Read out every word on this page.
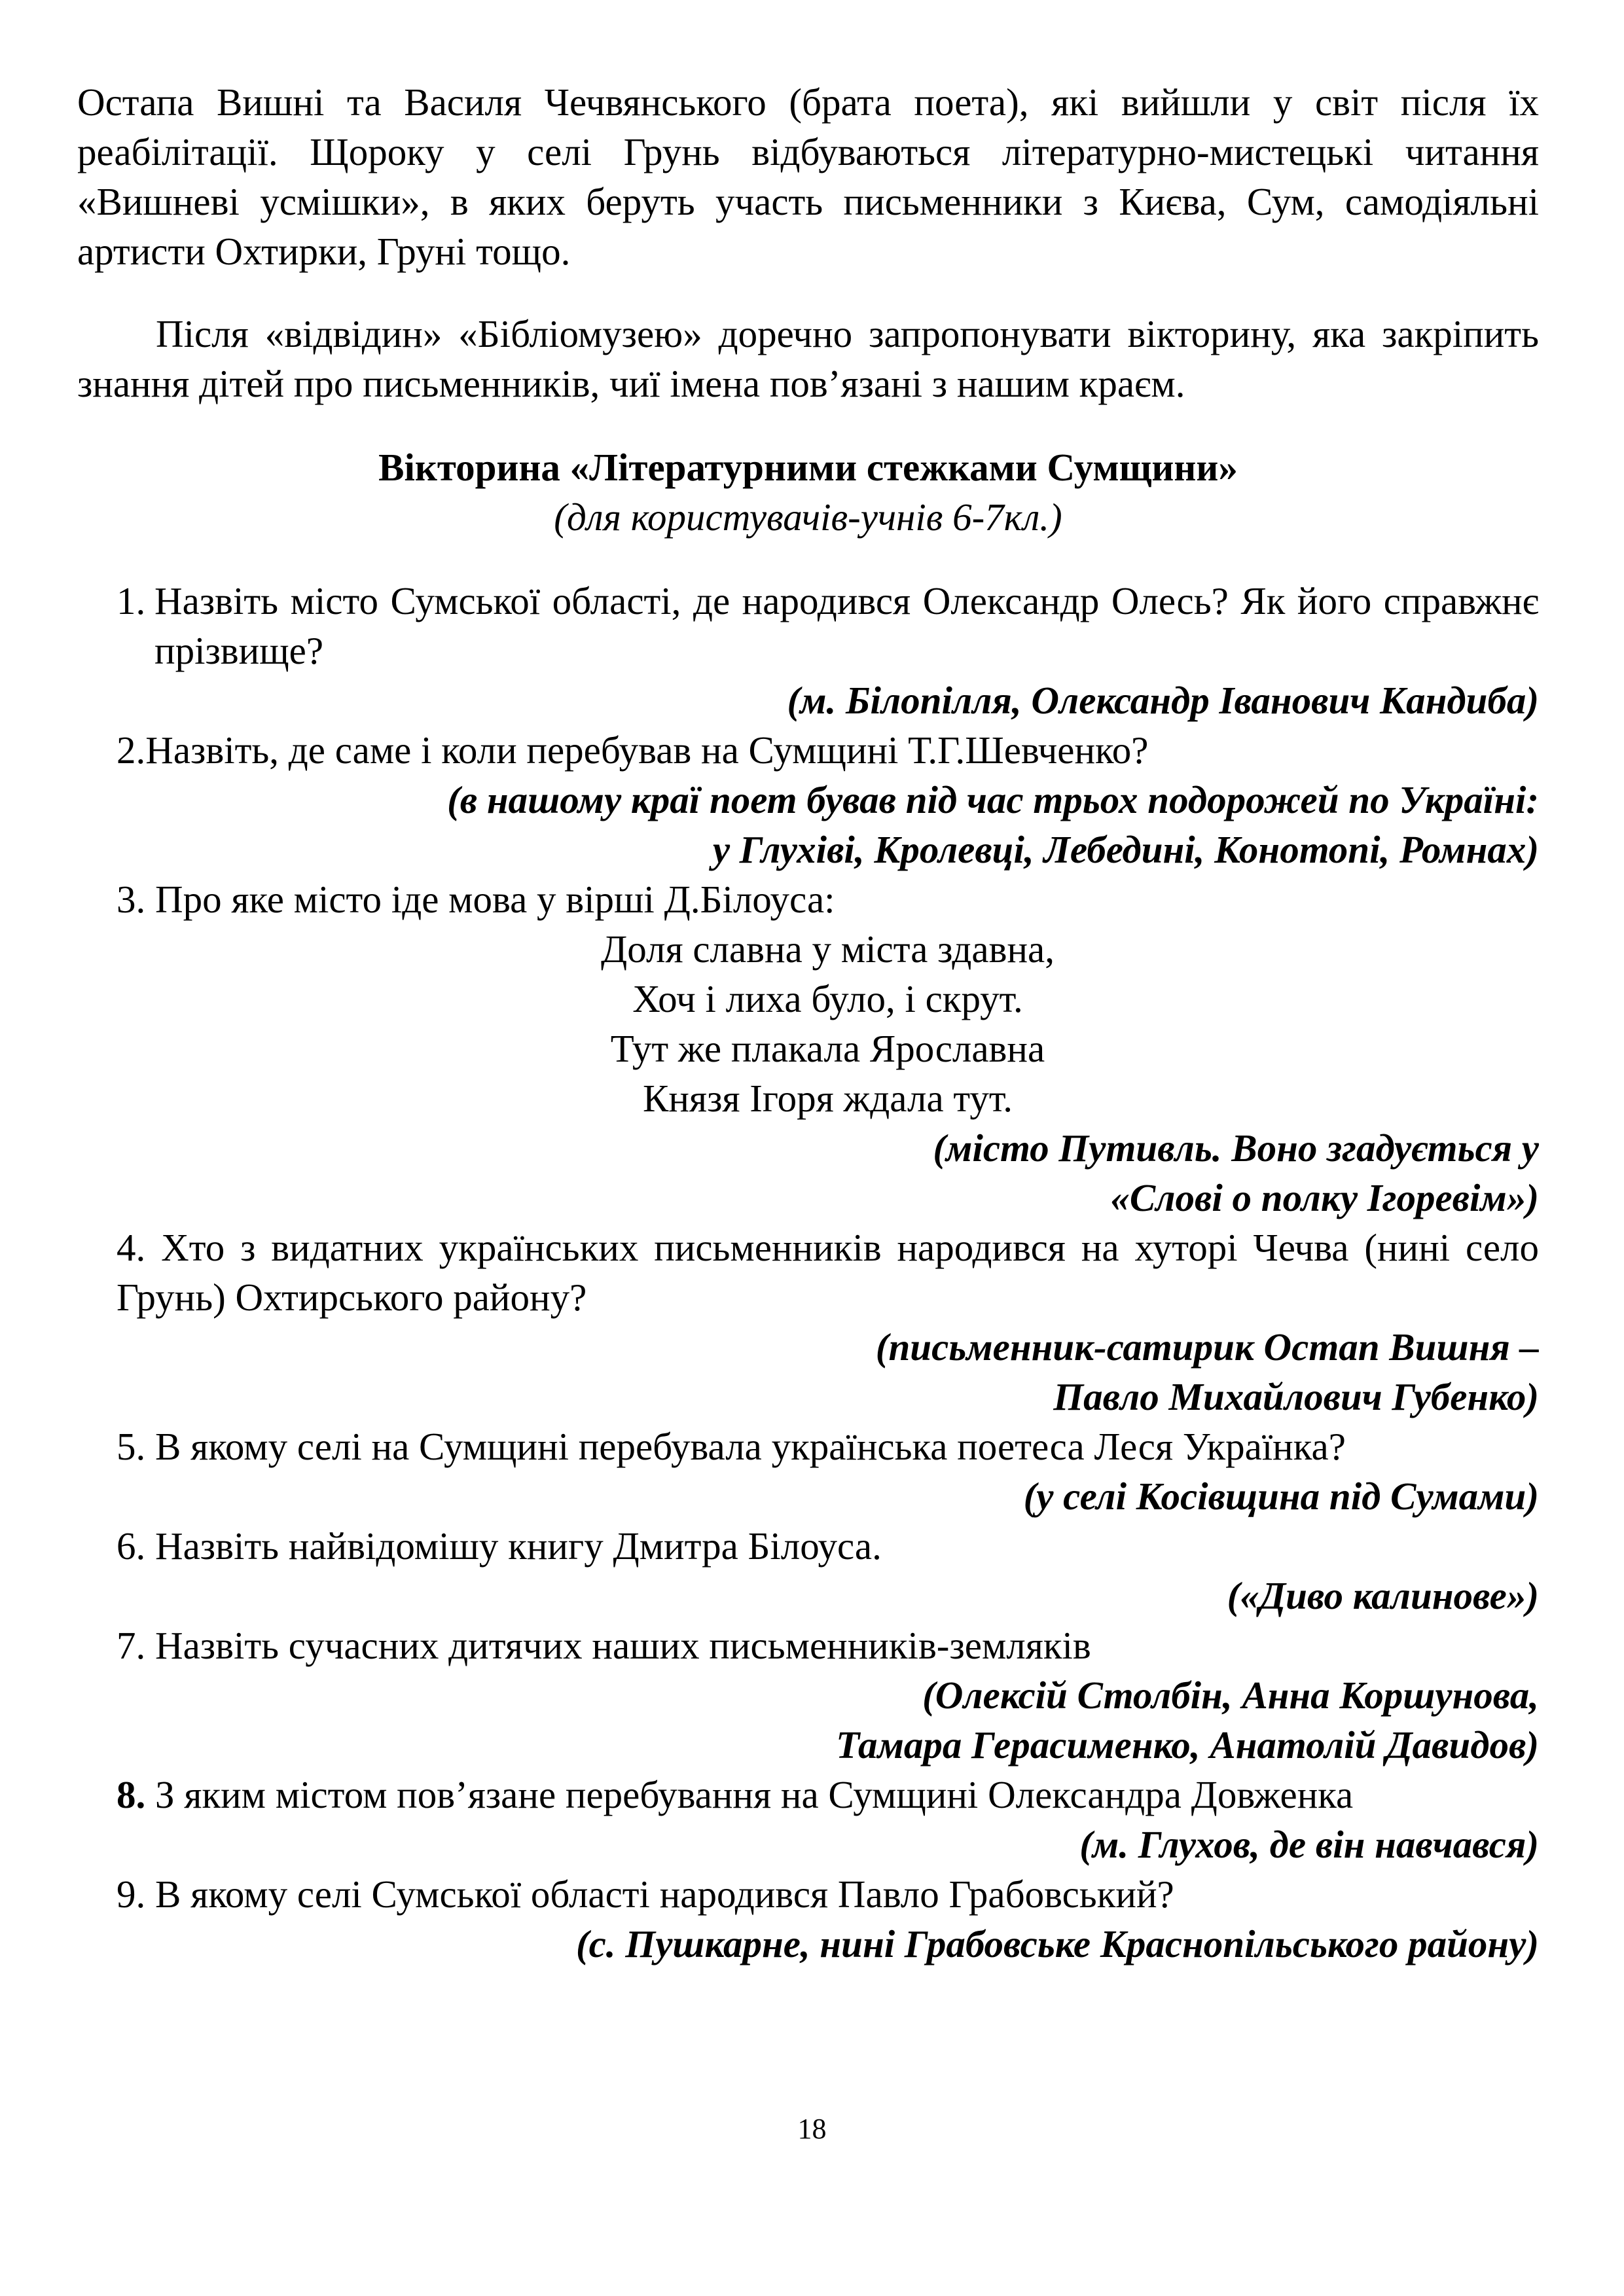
Остапа Вишні та Василя Чечвянського (брата поета), які вийшли у світ після їх реабілітації. Щороку у селі Грунь відбуваються літературно-мистецькі читання «Вишневі усмішки», в яких беруть участь письменники з Києва, Сум, самодіяльні артисти Охтирки, Груні тощо.

Після «відвідин» «Бібліомузею» доречно запропонувати вікторину, яка закріпить знання дітей про письменників, чиї імена пов’язані з нашим краєм.

Вікторина «Літературними стежками Сумщини»

(для користувачів-учнів 6-7кл.)

1. Назвіть місто Сумської області, де народився Олександр Олесь? Як його справжнє прізвище?

(м. Білопілля, Олександр Іванович Кандиба)

2.Назвіть, де саме і коли перебував на Сумщині Т.Г.Шевченко?

(в нашому краї поет бував під час трьох подорожей по Україні:

у Глухіві, Кролевці, Лебедині, Конотопі, Ромнах)

3. Про яке місто іде мова у вірші Д.Білоуса:

Доля славна у міста здавна,

Хоч і лиха було, і скрут.

Тут же плакала Ярославна

Князя Ігоря ждала тут.

(місто Путивль. Воно згадується у

«Слові о полку Ігоревім»)

4. Хто з видатних українських письменників народився на хуторі Чечва (нині село Грунь) Охтирського району?

(письменник-сатирик Остап Вишня –

Павло Михайлович Губенко)

5. В якому селі на Сумщині перебувала українська поетеса Леся Українка?

(у селі Косівщина під Сумами)

6. Назвіть найвідомішу книгу Дмитра Білоуса.

(«Диво калинове»)

7. Назвіть сучасних дитячих наших письменників-земляків

(Олексій Столбін, Анна Коршунова,

Тамара Герасименко, Анатолій Давидов)

8. З яким містом пов’язане перебування на Сумщині Олександра Довженка

(м. Глухов, де він навчався)

9. В якому селі Сумської області народився Павло Грабовський?

(с. Пушкарне, нині Грабовське Краснопільського району)

18
